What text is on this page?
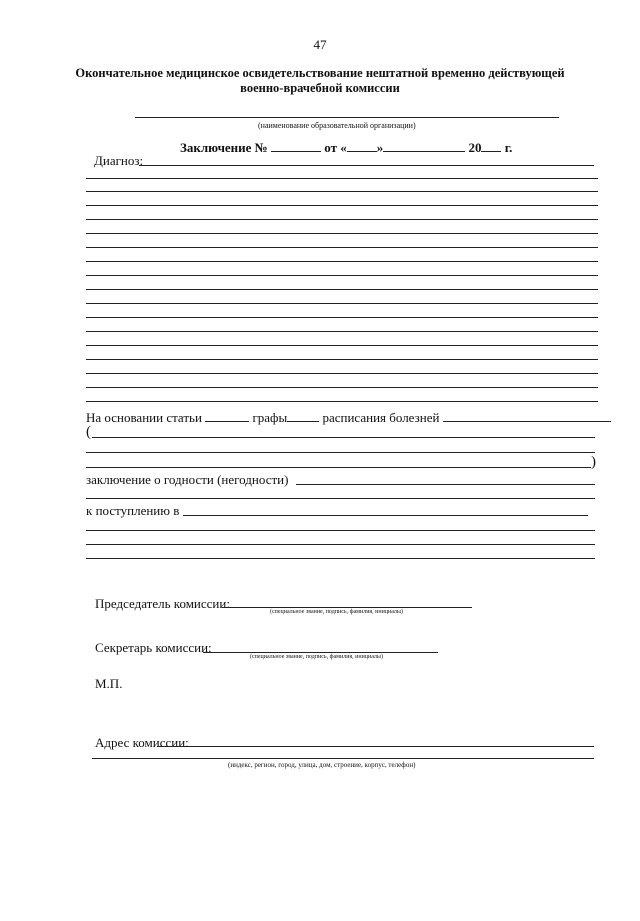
47
Окончательное медицинское освидетельствование нештатной временно действующей
военно-врачебной комиссии
(наименование образовательной организации)
Заключение №	от « »	20 г.
Диагноз:
На основании статьи	графы	расписания болезней
(
)
заключение о годности (негодности)
к поступлению в
Председатель комиссии:
(специальное звание, подпись, фамилия, инициалы)
Секретарь комиссии:
(специальное звание, подпись, фамилия, инициалы)
М.П.
Адрес комиссии:
(индекс, регион, город, улица, дом, строение, корпус, телефон)
